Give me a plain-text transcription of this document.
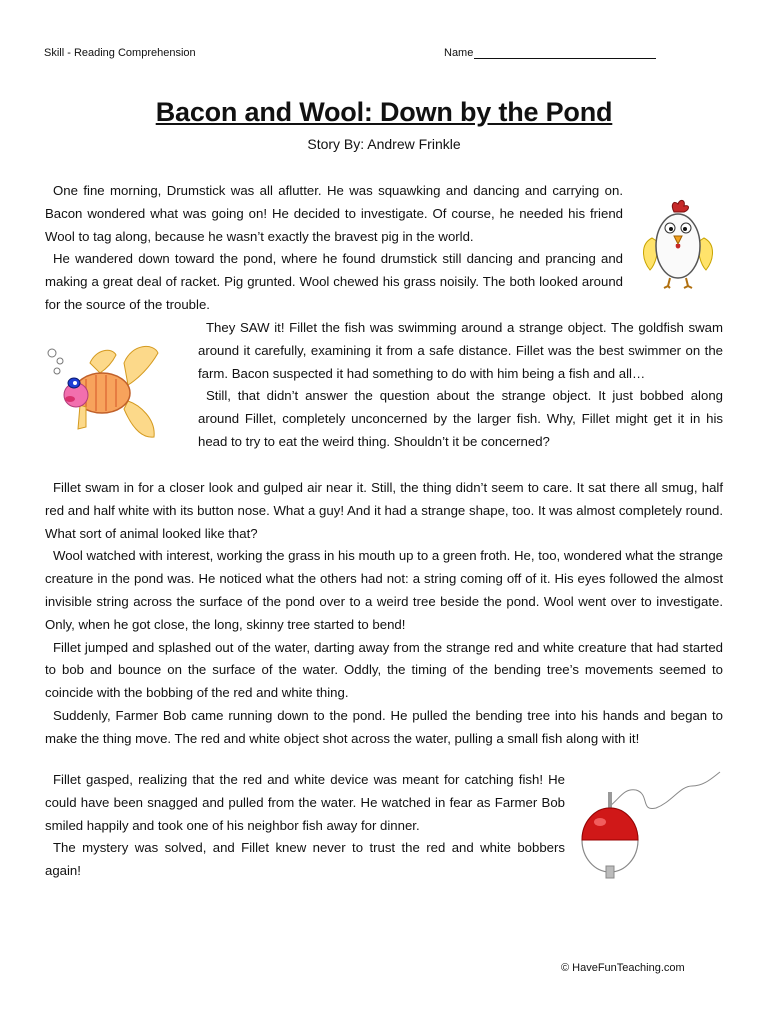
Skill - Reading Comprehension	Name
Bacon and Wool: Down by the Pond
Story By: Andrew Frinkle

One fine morning, Drumstick was all aflutter. He was squawking and dancing and carrying on. Bacon wondered what was going on! He decided to investigate. Of course, he needed his friend Wool to tag along, because he wasn’t exactly the bravest pig in the world.

He wandered down toward the pond, where he found drumstick still dancing and prancing and making a great deal of racket. Pig grunted. Wool chewed his grass noisily. The both looked around for the source of the trouble.

They SAW it! Fillet the fish was swimming around a strange object. The goldfish swam around it carefully, examining it from a safe distance. Fillet was the best swimmer on the farm. Bacon suspected it had something to do with him being a fish and all…

Still, that didn’t answer the question about the strange object. It just bobbed along around Fillet, completely unconcerned by the larger fish. Why, Fillet might get it in his head to try to eat the weird thing. Shouldn’t it be concerned?

Fillet swam in for a closer look and gulped air near it. Still, the thing didn’t seem to care. It sat there all smug, half red and half white with its button nose. What a guy! And it had a strange shape, too. It was almost completely round. What sort of animal looked like that?

Wool watched with interest, working the grass in his mouth up to a green froth. He, too, wondered what the strange creature in the pond was. He noticed what the others had not: a string coming off of it. His eyes followed the almost invisible string across the surface of the pond over to a weird tree beside the pond. Wool went over to investigate. Only, when he got close, the long, skinny tree started to bend!

Fillet jumped and splashed out of the water, darting away from the strange red and white creature that had started to bob and bounce on the surface of the water. Oddly, the timing of the bending tree’s movements seemed to coincide with the bobbing of the red and white thing.

Suddenly, Farmer Bob came running down to the pond. He pulled the bending tree into his hands and began to make the thing move. The red and white object shot across the water, pulling a small fish along with it!

Fillet gasped, realizing that the red and white device was meant for catching fish! He could have been snagged and pulled from the water. He watched in fear as Farmer Bob smiled happily and took one of his neighbor fish away for dinner.

The mystery was solved, and Fillet knew never to trust the red and white bobbers again!

© HaveFunTeaching.com
